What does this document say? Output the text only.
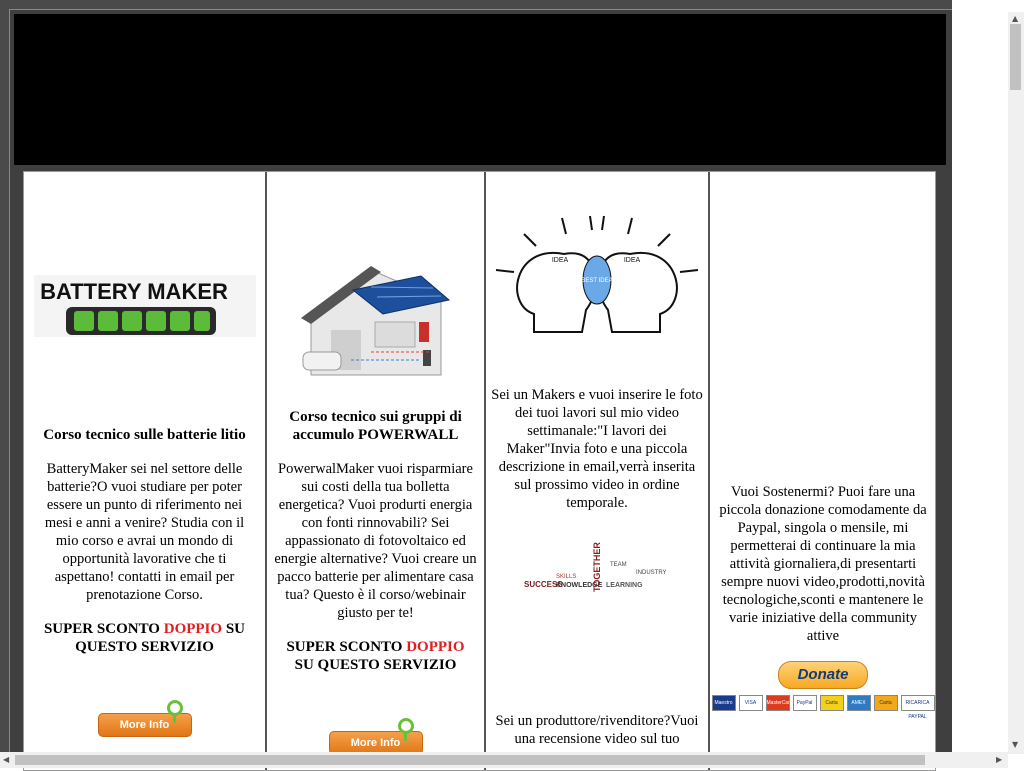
BATTERY MAKER
Corso tecnico sulle batterie litio
BatteryMaker sei nel settore delle batterie?O vuoi studiare per poter essere un punto di riferimento nei mesi e anni a venire? Studia con il mio corso e avrai un mondo di opportunità lavorative che ti aspettano! contatti in email per prenotazione Corso.
SUPER SCONTO DOPPIO SU QUESTO SERVIZIO
More Info
Corso tecnico sui gruppi di accumulo POWERWALL
PowerwalMaker vuoi risparmiare sui costi della tua bolletta energetica? Vuoi produrti energia con fonti rinnovabili? Sei appassionato di fotovoltaico ed energie alternative? Vuoi creare un pacco batterie per alimentare casa tua? Questo è il corso/webinair giusto per te!
SUPER SCONTO DOPPIO SU QUESTO SERVIZIO
More Info
IDEA	IDEA
BEST IDEA
Sei un Makers e vuoi inserire le foto dei tuoi lavori sul mio video settimanale:"I lavori dei Maker"Invia foto e una piccola descrizione in email,verrà inserita sul prossimo video in ordine temporale.
SUCCESS
KNOWLEDGE
TOGETHER LEARNING
SKILLS
TEAM
INDUSTRY
Sei un produttore/rivenditore?Vuoi una recensione video sul tuo
Vuoi Sostenermi? Puoi fare una piccola donazione comodamente da Paypal, singola o mensile, mi permetterai di continuare la mia attività giornaliera,di presentarti sempre nuovi video,prodotti,novità tecnologiche,sconti e mantenere le varie iniziative della community attive
Donate
Maestro	VISA	MasterCard PayPal	Carta	AMEX	Carta	RICARICA PAYPAL
▲
▼
◀	▶
